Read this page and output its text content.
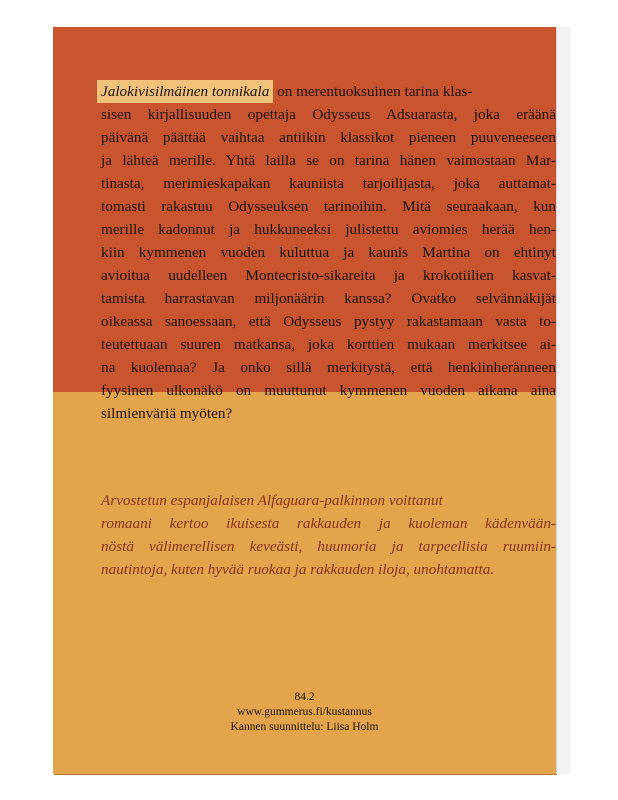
Jalokivisilmäinen tonnikala on merentuoksuinen tarina klas-
sisen kirjallisuuden opettaja Odysseus Adsuarasta, joka eräänä
päivänä päättää vaihtaa antiikin klassikot pieneen puuveneeseen
ja lähteä merille. Yhtä lailla se on tarina hänen vaimostaan Mar-
tinasta, merimieskapakan kauniista tarjoilijasta, joka auttamat-
tomasti rakastuu Odysseuksen tarinoihin. Mitä seuraakaan, kun
merille kadonnut ja hukkuneeksi julistettu aviomies herää hen-
kiin kymmenen vuoden kuluttua ja kaunis Martina on ehtinyt
avioitua uudelleen Montecristo-sikareita ja krokotiilien kasvat-
tamista harrastavan miljonäärin kanssa? Ovatko selvännäkijät
oikeassa sanoessaan, että Odysseus pystyy rakastamaan vasta to-
teutettuaan suuren matkansa, joka korttien mukaan merkitsee ai-
na kuolemaa? Ja onko sillä merkitystä, että henkiinheränneen
fyysinen ulkonäkö on muuttunut kymmenen vuoden aikana aina
silmienväriä myöten?
Arvostetun espanjalaisen Alfaguara-palkinnon voittanut
romaani kertoo ikuisesta rakkauden ja kuoleman kädenvään-
nöstä välimerellisen keveästi, huumoria ja tarpeellisia ruumiin-
nautintoja, kuten hyvää ruokaa ja rakkauden iloja, unohtamatta.
84.2
www.gummerus.fi/kustannus
Kannen suunnittelu: Liisa Holm
